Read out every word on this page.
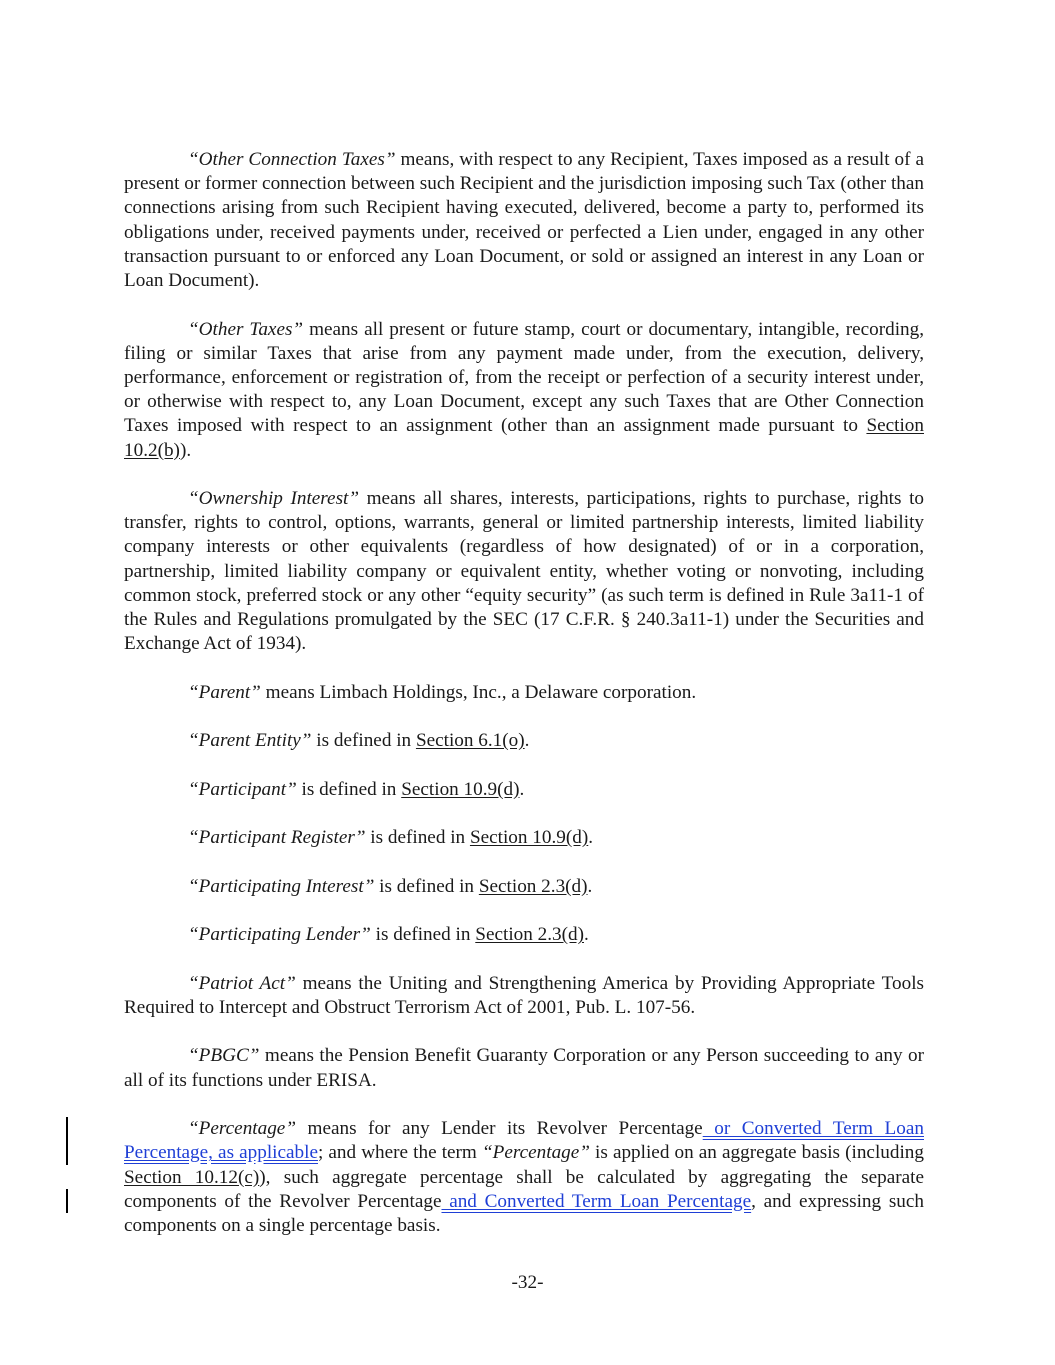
“Other Connection Taxes” means, with respect to any Recipient, Taxes imposed as a result of a present or former connection between such Recipient and the jurisdiction imposing such Tax (other than connections arising from such Recipient having executed, delivered, become a party to, performed its obligations under, received payments under, received or perfected a Lien under, engaged in any other transaction pursuant to or enforced any Loan Document, or sold or assigned an interest in any Loan or Loan Document).

“Other Taxes” means all present or future stamp, court or documentary, intangible, recording, filing or similar Taxes that arise from any payment made under, from the execution, delivery, performance, enforcement or registration of, from the receipt or perfection of a security interest under, or otherwise with respect to, any Loan Document, except any such Taxes that are Other Connection Taxes imposed with respect to an assignment (other than an assignment made pursuant to Section 10.2(b)).

“Ownership Interest” means all shares, interests, participations, rights to purchase, rights to transfer, rights to control, options, warrants, general or limited partnership interests, limited liability company interests or other equivalents (regardless of how designated) of or in a corporation, partnership, limited liability company or equivalent entity, whether voting or nonvoting, including common stock, preferred stock or any other “equity security” (as such term is defined in Rule 3a11-1 of the Rules and Regulations promulgated by the SEC (17 C.F.R. § 240.3a11-1) under the Securities and Exchange Act of 1934).

“Parent” means Limbach Holdings, Inc., a Delaware corporation.

“Parent Entity” is defined in Section 6.1(o).

“Participant” is defined in Section 10.9(d).

“Participant Register” is defined in Section 10.9(d).

“Participating Interest” is defined in Section 2.3(d).

“Participating Lender” is defined in Section 2.3(d).

“Patriot Act” means the Uniting and Strengthening America by Providing Appropriate Tools Required to Intercept and Obstruct Terrorism Act of 2001, Pub. L. 107-56.

“PBGC” means the Pension Benefit Guaranty Corporation or any Person succeeding to any or all of its functions under ERISA.

“Percentage” means for any Lender its Revolver Percentage or Converted Term Loan Percentage, as applicable; and where the term “Percentage” is applied on an aggregate basis (including Section 10.12(c)), such aggregate percentage shall be calculated by aggregating the separate components of the Revolver Percentage and Converted Term Loan Percentage, and expressing such components on a single percentage basis.

-32-
